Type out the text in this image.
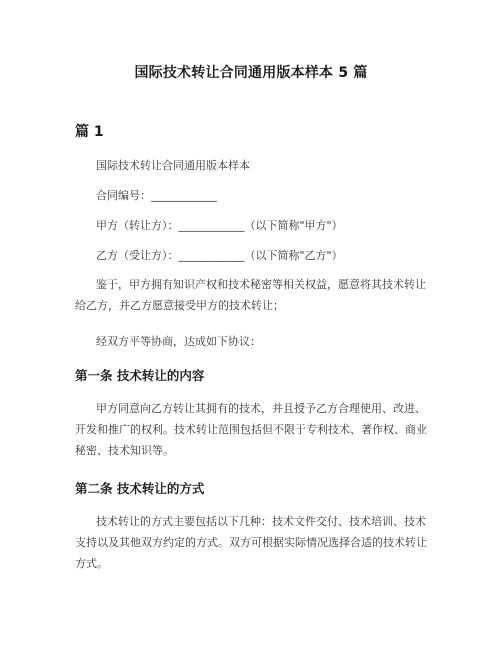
国际技术转让合同通用版本样本 5 篇
篇 1
国际技术转让合同通用版本样本
合同编号：____________
甲方（转让方）：____________（以下简称"甲方"）
乙方（受让方）：____________（以下简称"乙方"）
鉴于，甲方拥有知识产权和技术秘密等相关权益，愿意将其技术转让给乙方，并乙方愿意接受甲方的技术转让；
经双方平等协商，达成如下协议：
第一条 技术转让的内容
甲方同意向乙方转让其拥有的技术，并且授予乙方合理使用、改进、开发和推广的权利。技术转让范围包括但不限于专利技术、著作权、商业秘密、技术知识等。
第二条 技术转让的方式
技术转让的方式主要包括以下几种：技术文件交付、技术培训、技术支持以及其他双方约定的方式。双方可根据实际情况选择合适的技术转让方式。
